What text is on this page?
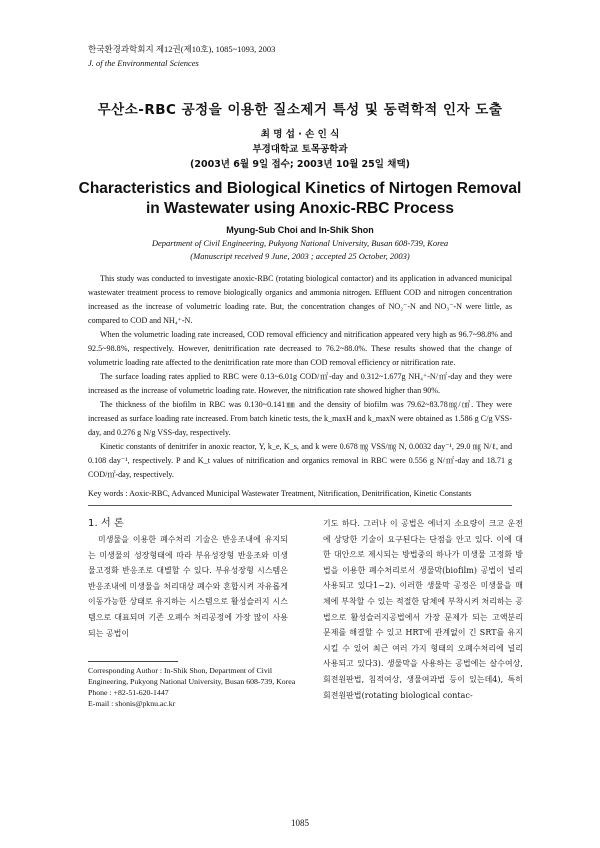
한국환경과학회지 제12권(제10호), 1085~1093, 2003
J. of the Environmental Sciences
무산소-RBC 공정을 이용한 질소제거 특성 및 동력학적 인자 도출
최 명 섭 · 손 인 식
부경대학교 토목공학과
(2003년 6월 9일 접수; 2003년 10월 25일 채택)
Characteristics and Biological Kinetics of Nirtogen Removal
in Wastewater using Anoxic-RBC Process
Myung-Sub Choi and In-Shik Shon
Department of Civil Engineering, Pukyong National University, Busan 608-739, Korea
(Manuscript received 9 June, 2003 ; accepted 25 October, 2003)

This study was conducted to investigate anoxic-RBC (rotating biological contactor) and its application in advanced municipal wastewater treatment process to remove biologically organics and ammonia nitrogen. Effluent COD and nitrogen concentration increased as the increase of volumetric loading rate. But, the concentration changes of NO₂⁻-N and NO₃⁻-N were little, as compared to COD and NH₄⁺-N.

When the volumetric loading rate increased, COD removal efficiency and nitrification appeared very high as 96.7~98.8% and 92.5~98.8%, respectively. However, denitrification rate decreased to 76.2~88.0%. These results showed that the change of volumetric loading rate affected to the denitrification rate more than COD removal efficiency or nitrification rate.

The surface loading rates applied to RBC were 0.13~6.01g COD/㎡-day and 0.312~1.677g NH₄⁺-N/㎡-day and they were increased as the increase of volumetric loading rate. However, the nitrification rate showed higher than 90%.

The thickness of the biofilm in RBC was 0.130~0.141㎜ and the density of biofilm was 79.62~83.78㎎/㎤. They were increased as surface loading rate increased. From batch kinetic tests, the k_maxH and k_maxN were obtained as 1.586 g C/g VSS-day, and 0.276 g N/g VSS-day, respectively.

Kinetic constants of denitrifer in anoxic reactor, Y, k_e, K_s, and k were 0.678 ㎎ VSS/㎎ N, 0.0032 day⁻¹, 29.0 ㎎ N/ℓ, and 0.108 day⁻¹, respectively. P and K_t values of nitrification and organics removal in RBC were 0.556 g N/㎡-day and 18.71 g COD/㎡-day, respectively.

Key words : Aoxic-RBC, Advanced Municipal Wastewater Treatment, Nitrification, Denitrification, Kinetic Constants
1. 서 론

미생물을 이용한 폐수처리 기술은 반응조내에 유지되는 미생물의 성장형태에 따라 부유성장형 반응조와 미생물고정화 반응조로 대별할 수 있다. 부유성장형 시스템은 반응조내에 미생물을 처리대상 폐수와 혼합시켜 자유롭게 이동가능한 상태로 유지하는 시스템으로 활성슬러지 시스템으로 대표되며 기존 오폐수 처리공정에 가장 많이 사용되는 공법이

기도 하다. 그러나 이 공법은 에너지 소요량이 크고 운전에 상당한 기술이 요구된다는 단점을 안고 있다. 이에 대한 대안으로 제시되는 방법중의 하나가 미생물 고정화 방법을 이용한 폐수처리로서 생물막(biofilm) 공법이 널리 사용되고 있다1~2). 이러한 생물막 공정은 미생물을 매체에 부착할 수 있는 적절한 담체에 부착시켜 처리하는 공법으로 활성슬러지공법에서 가장 문제가 되는 고액분리 문제를 해결할 수 있고 HRT에 관계없이 긴 SRT를 유지시킬 수 있어 최근 여러 가지 형태의 오폐수처리에 널리 사용되고 있다3). 생물막을 사용하는 공법에는 살수여상, 회전원판법, 침적여상, 생물여과법 등이 있는데4), 특히 회전원판법(rotating biological contac-

Corresponding Author : In-Shik Shon, Department of Civil Engineering, Pukyong National University, Busan 608-739, Korea
Phone : +82-51-620-1447
E-mail : shonis@pknu.ac.kr
1085
